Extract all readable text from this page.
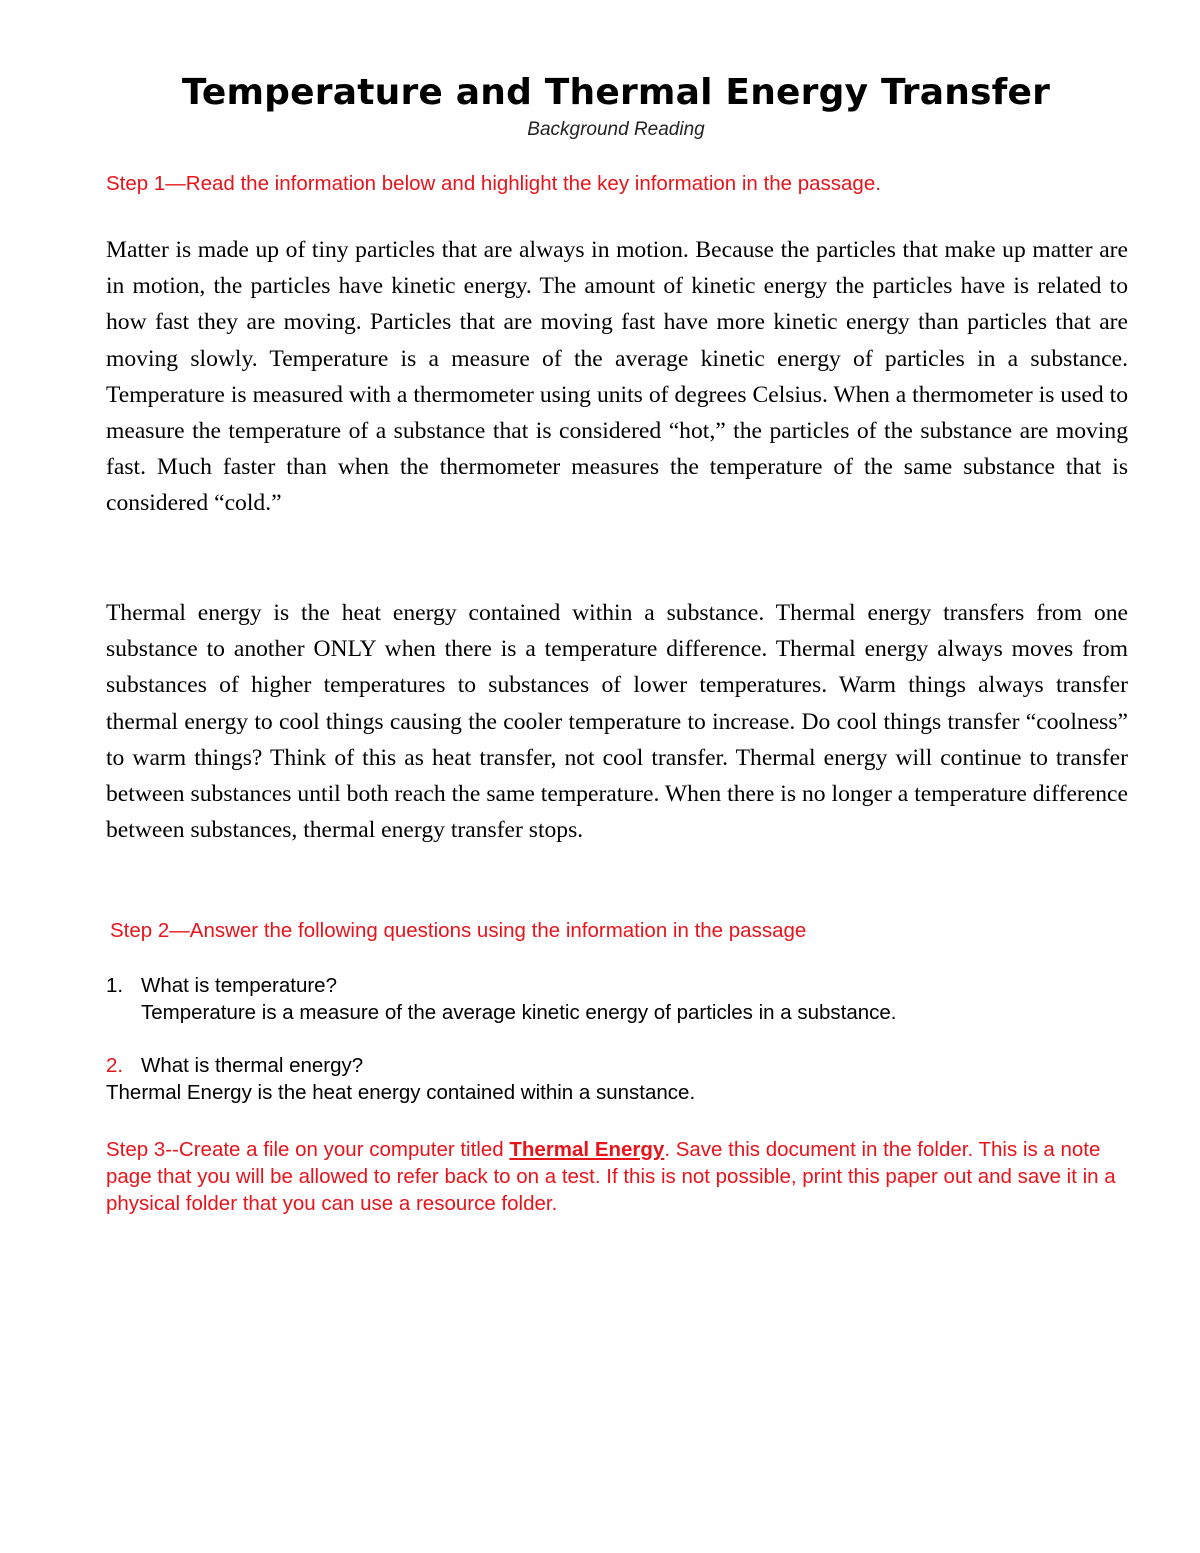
Temperature and Thermal Energy Transfer

Background Reading

Step 1—Read the information below and highlight the key information in the passage.

Matter is made up of tiny particles that are always in motion. Because the particles that make up matter are in motion, the particles have kinetic energy. The amount of kinetic energy the particles have is related to how fast they are moving. Particles that are moving fast have more kinetic energy than particles that are moving slowly. Temperature is a measure of the average kinetic energy of particles in a substance. Temperature is measured with a thermometer using units of degrees Celsius. When a thermometer is used to measure the temperature of a substance that is considered “hot,” the particles of the substance are moving fast. Much faster than when the thermometer measures the temperature of the same substance that is considered “cold.”

Thermal energy is the heat energy contained within a substance. Thermal energy transfers from one substance to another ONLY when there is a temperature difference. Thermal energy always moves from substances of higher temperatures to substances of lower temperatures. Warm things always transfer thermal energy to cool things causing the cooler temperature to increase. Do cool things transfer “coolness” to warm things? Think of this as heat transfer, not cool transfer. Thermal energy will continue to transfer between substances until both reach the same temperature. When there is no longer a temperature difference between substances, thermal energy transfer stops.

Step 2—Answer the following questions using the information in the passage

1. What is temperature?

Temperature is a measure of the average kinetic energy of particles in a substance.

2. What is thermal energy?

Thermal Energy is the heat energy contained within a sunstance.

Step 3--Create a file on your computer titled Thermal Energy. Save this document in the folder. This is a note page that you will be allowed to refer back to on a test. If this is not possible, print this paper out and save it in a physical folder that you can use a resource folder.
